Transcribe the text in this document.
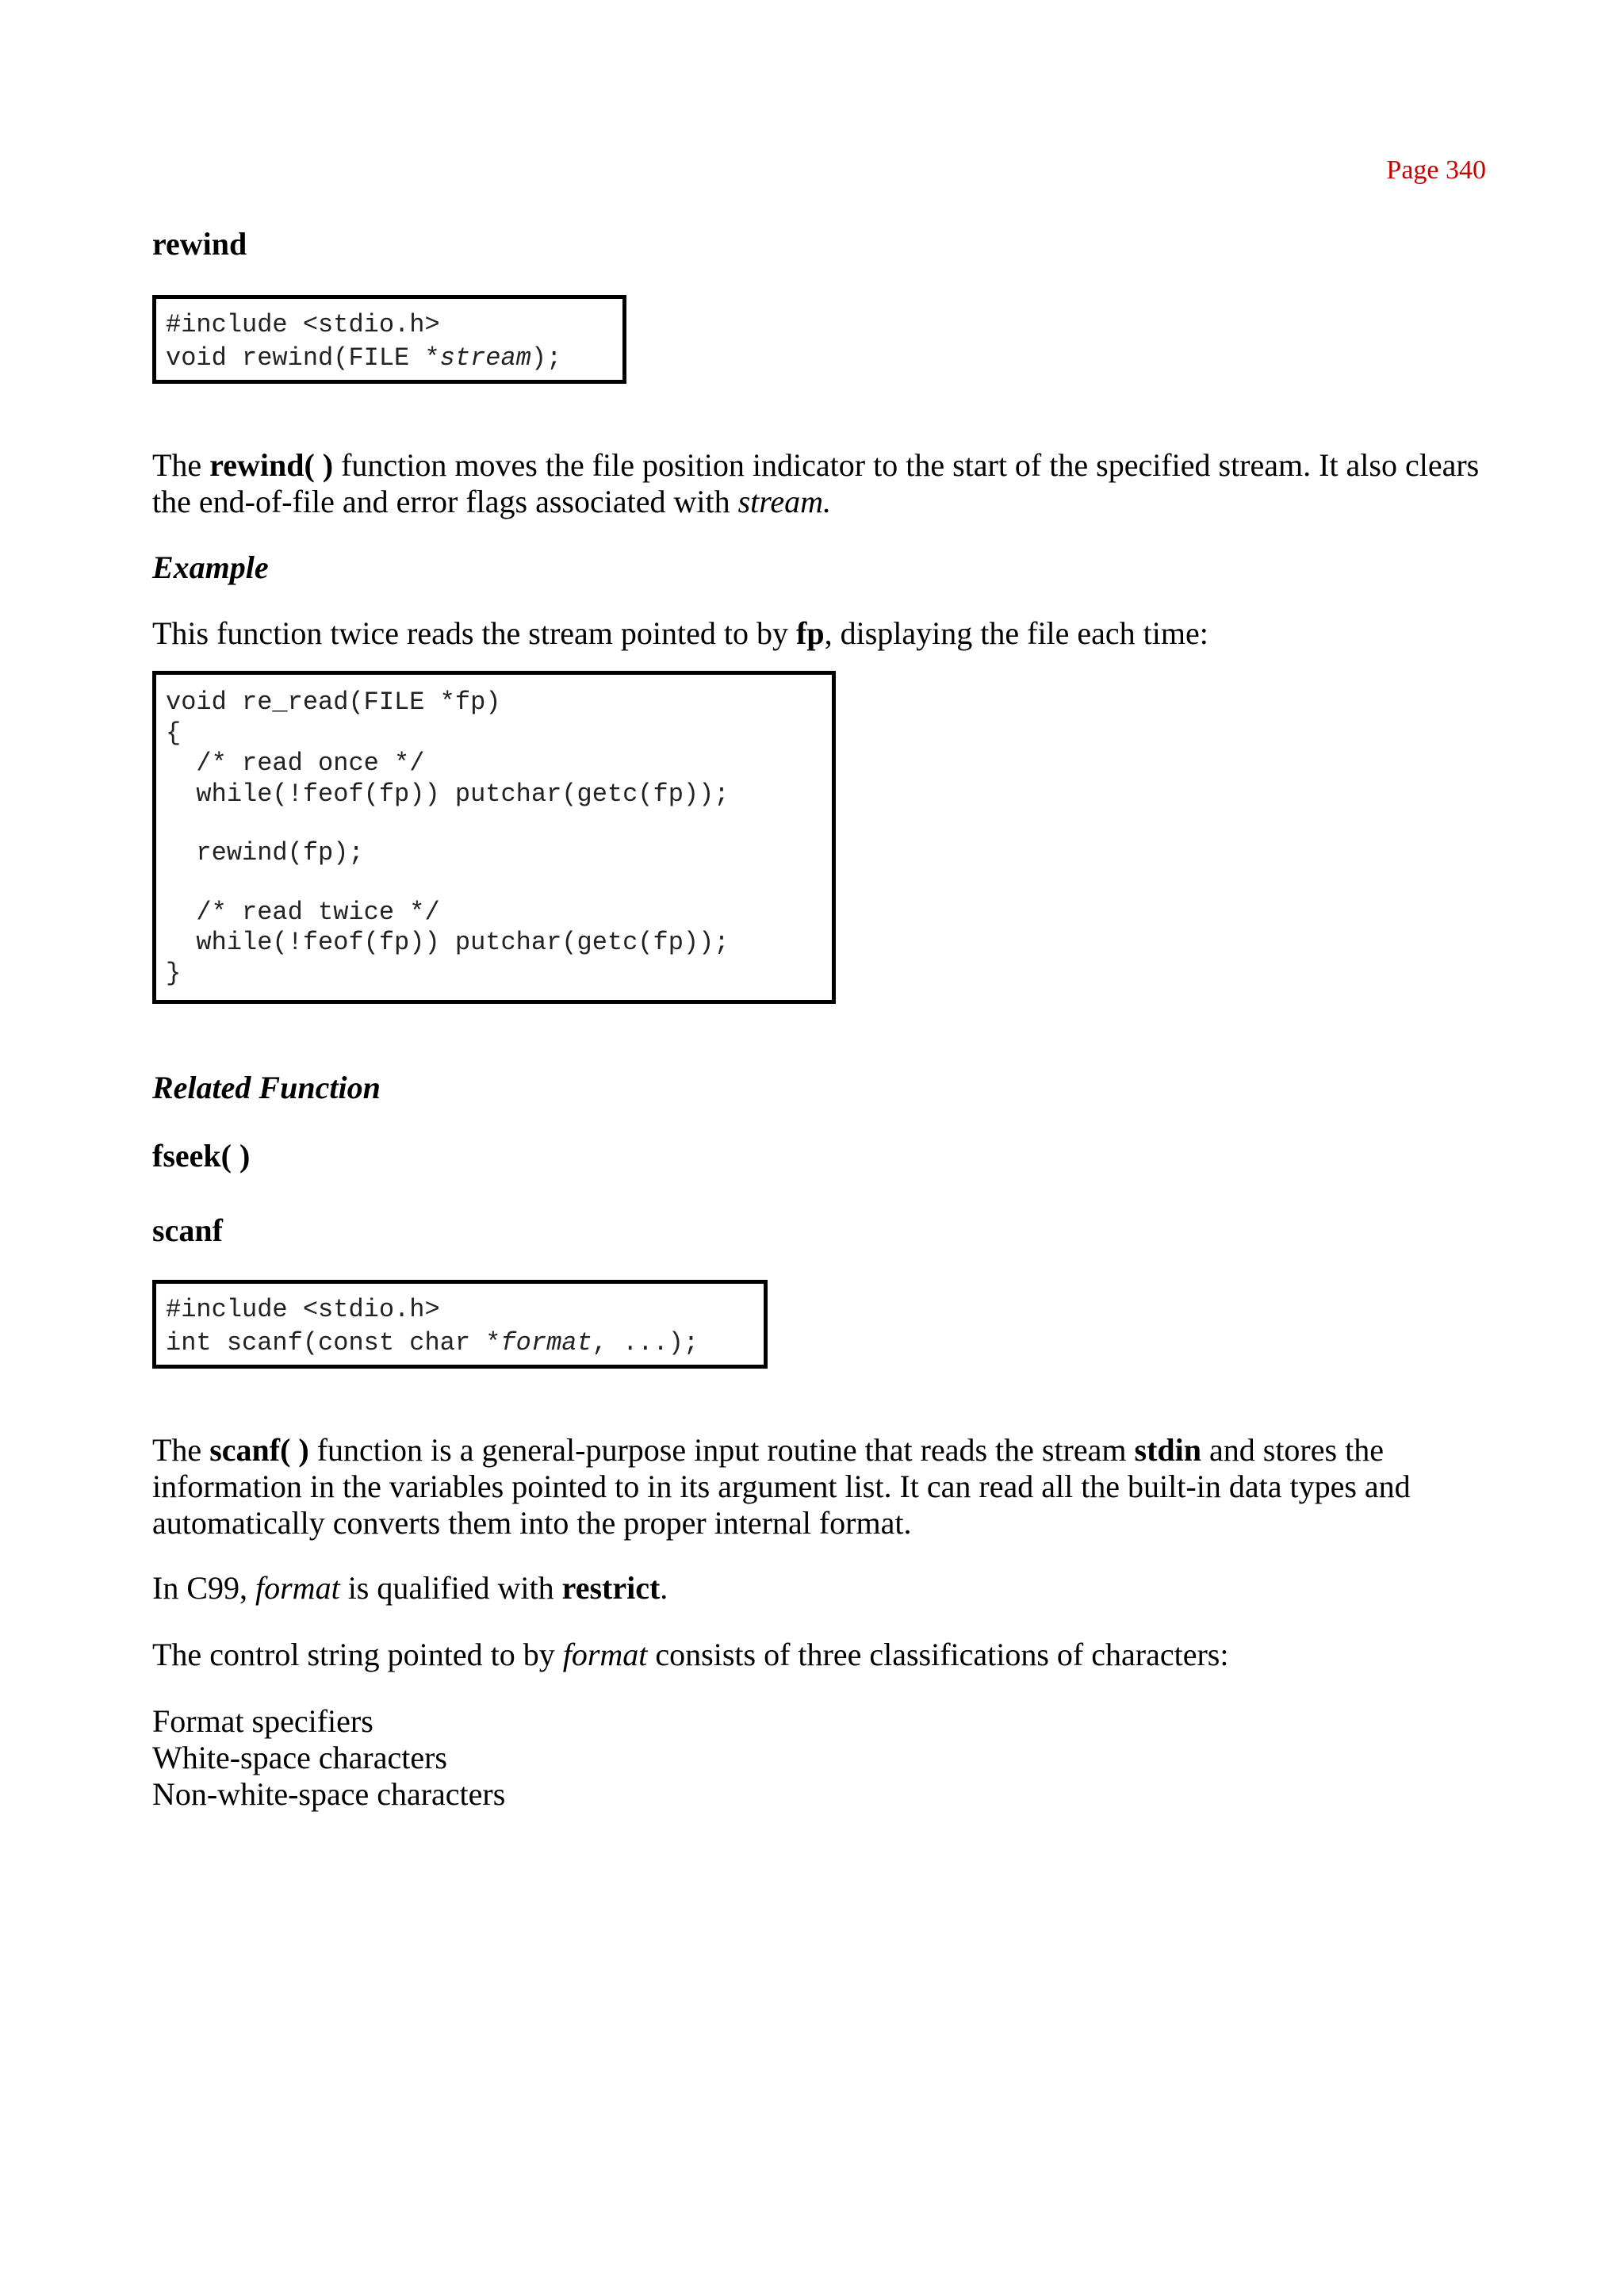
Page 340

rewind

#include <stdio.h>
void rewind(FILE *stream);

The rewind( ) function moves the file position indicator to the start of the specified stream. It also clears the end-of-file and error flags associated with stream.

Example

This function twice reads the stream pointed to by fp, displaying the file each time:

void re_read(FILE *fp)
{
/* read once */
while(!feof(fp)) putchar(getc(fp));

rewind(fp);

/* read twice */
while(!feof(fp)) putchar(getc(fp));
}

Related Function

fseek( )

scanf

#include <stdio.h>
int scanf(const char *format, ...);

The scanf( ) function is a general-purpose input routine that reads the stream stdin and stores the information in the variables pointed to in its argument list. It can read all the built-in data types and automatically converts them into the proper internal format.

In C99, format is qualified with restrict.

The control string pointed to by format consists of three classifications of characters:

Format specifiers

White-space characters

Non-white-space characters
